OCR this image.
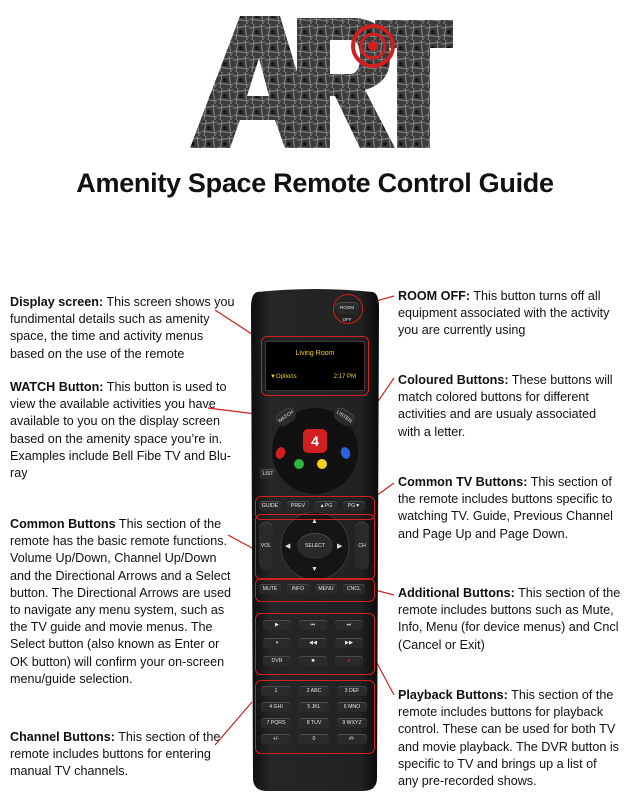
ART
Amenity Space Remote Control Guide
Display screen: This screen shows you fundimental details such as amenity space, the time and activity menus based on the use of the remote
WATCH Button: This button is used to view the available activities you have available to you on the display screen based on the amenity space you’re in. Examples include Bell Fibe TV and Blu-ray
Common Buttons This section of the remote has the basic remote functions. Volume Up/Down, Channel Up/Down and the Directional Arrows and a Select button. The Directional Arrows are used to navigate any menu system, such as the TV guide and movie menus. The Select button (also known as Enter or OK button) will confirm your on-screen menu/guide selection.
Channel Buttons: This section of the remote includes buttons for entering manual TV channels.
ROOM OFF: This button turns off all equipment associated with the activity you are currently using
Coloured Buttons: These buttons will match colored buttons for different activities and are usualy associated with a letter.
Common TV Buttons: This section of the remote includes buttons specific to watching TV. Guide, Previous Channel and Page Up and Page Down.
Additional Buttons: This section of the remote includes buttons such as Mute, Info, Menu (for device menus) and Cncl (Cancel or Exit)
Playback Buttons: This section of the remote includes buttons for playback control. These can be used for both TV and movie playback. The DVR button is specific to TV and brings up a list of any pre-recorded shows.
ROOM OFF
Living Room
▼Options	2:17 PM
WATCH	LISTEN
4
LIST
GUIDE	PREV	▲PG	PG▼
VOL	CH
▲
▼
◀	▶
SELECT
MUTE	INFO	MENU	CNCL
▶	⏮	⏭
⏸	◀◀	▶▶
DVR	■	●
1	2 ABC	3 DEF
4 GHI	5 JKL	6 MNO
7 PQRS	8 TUV	9 WXYZ
+/-	0	#/-
